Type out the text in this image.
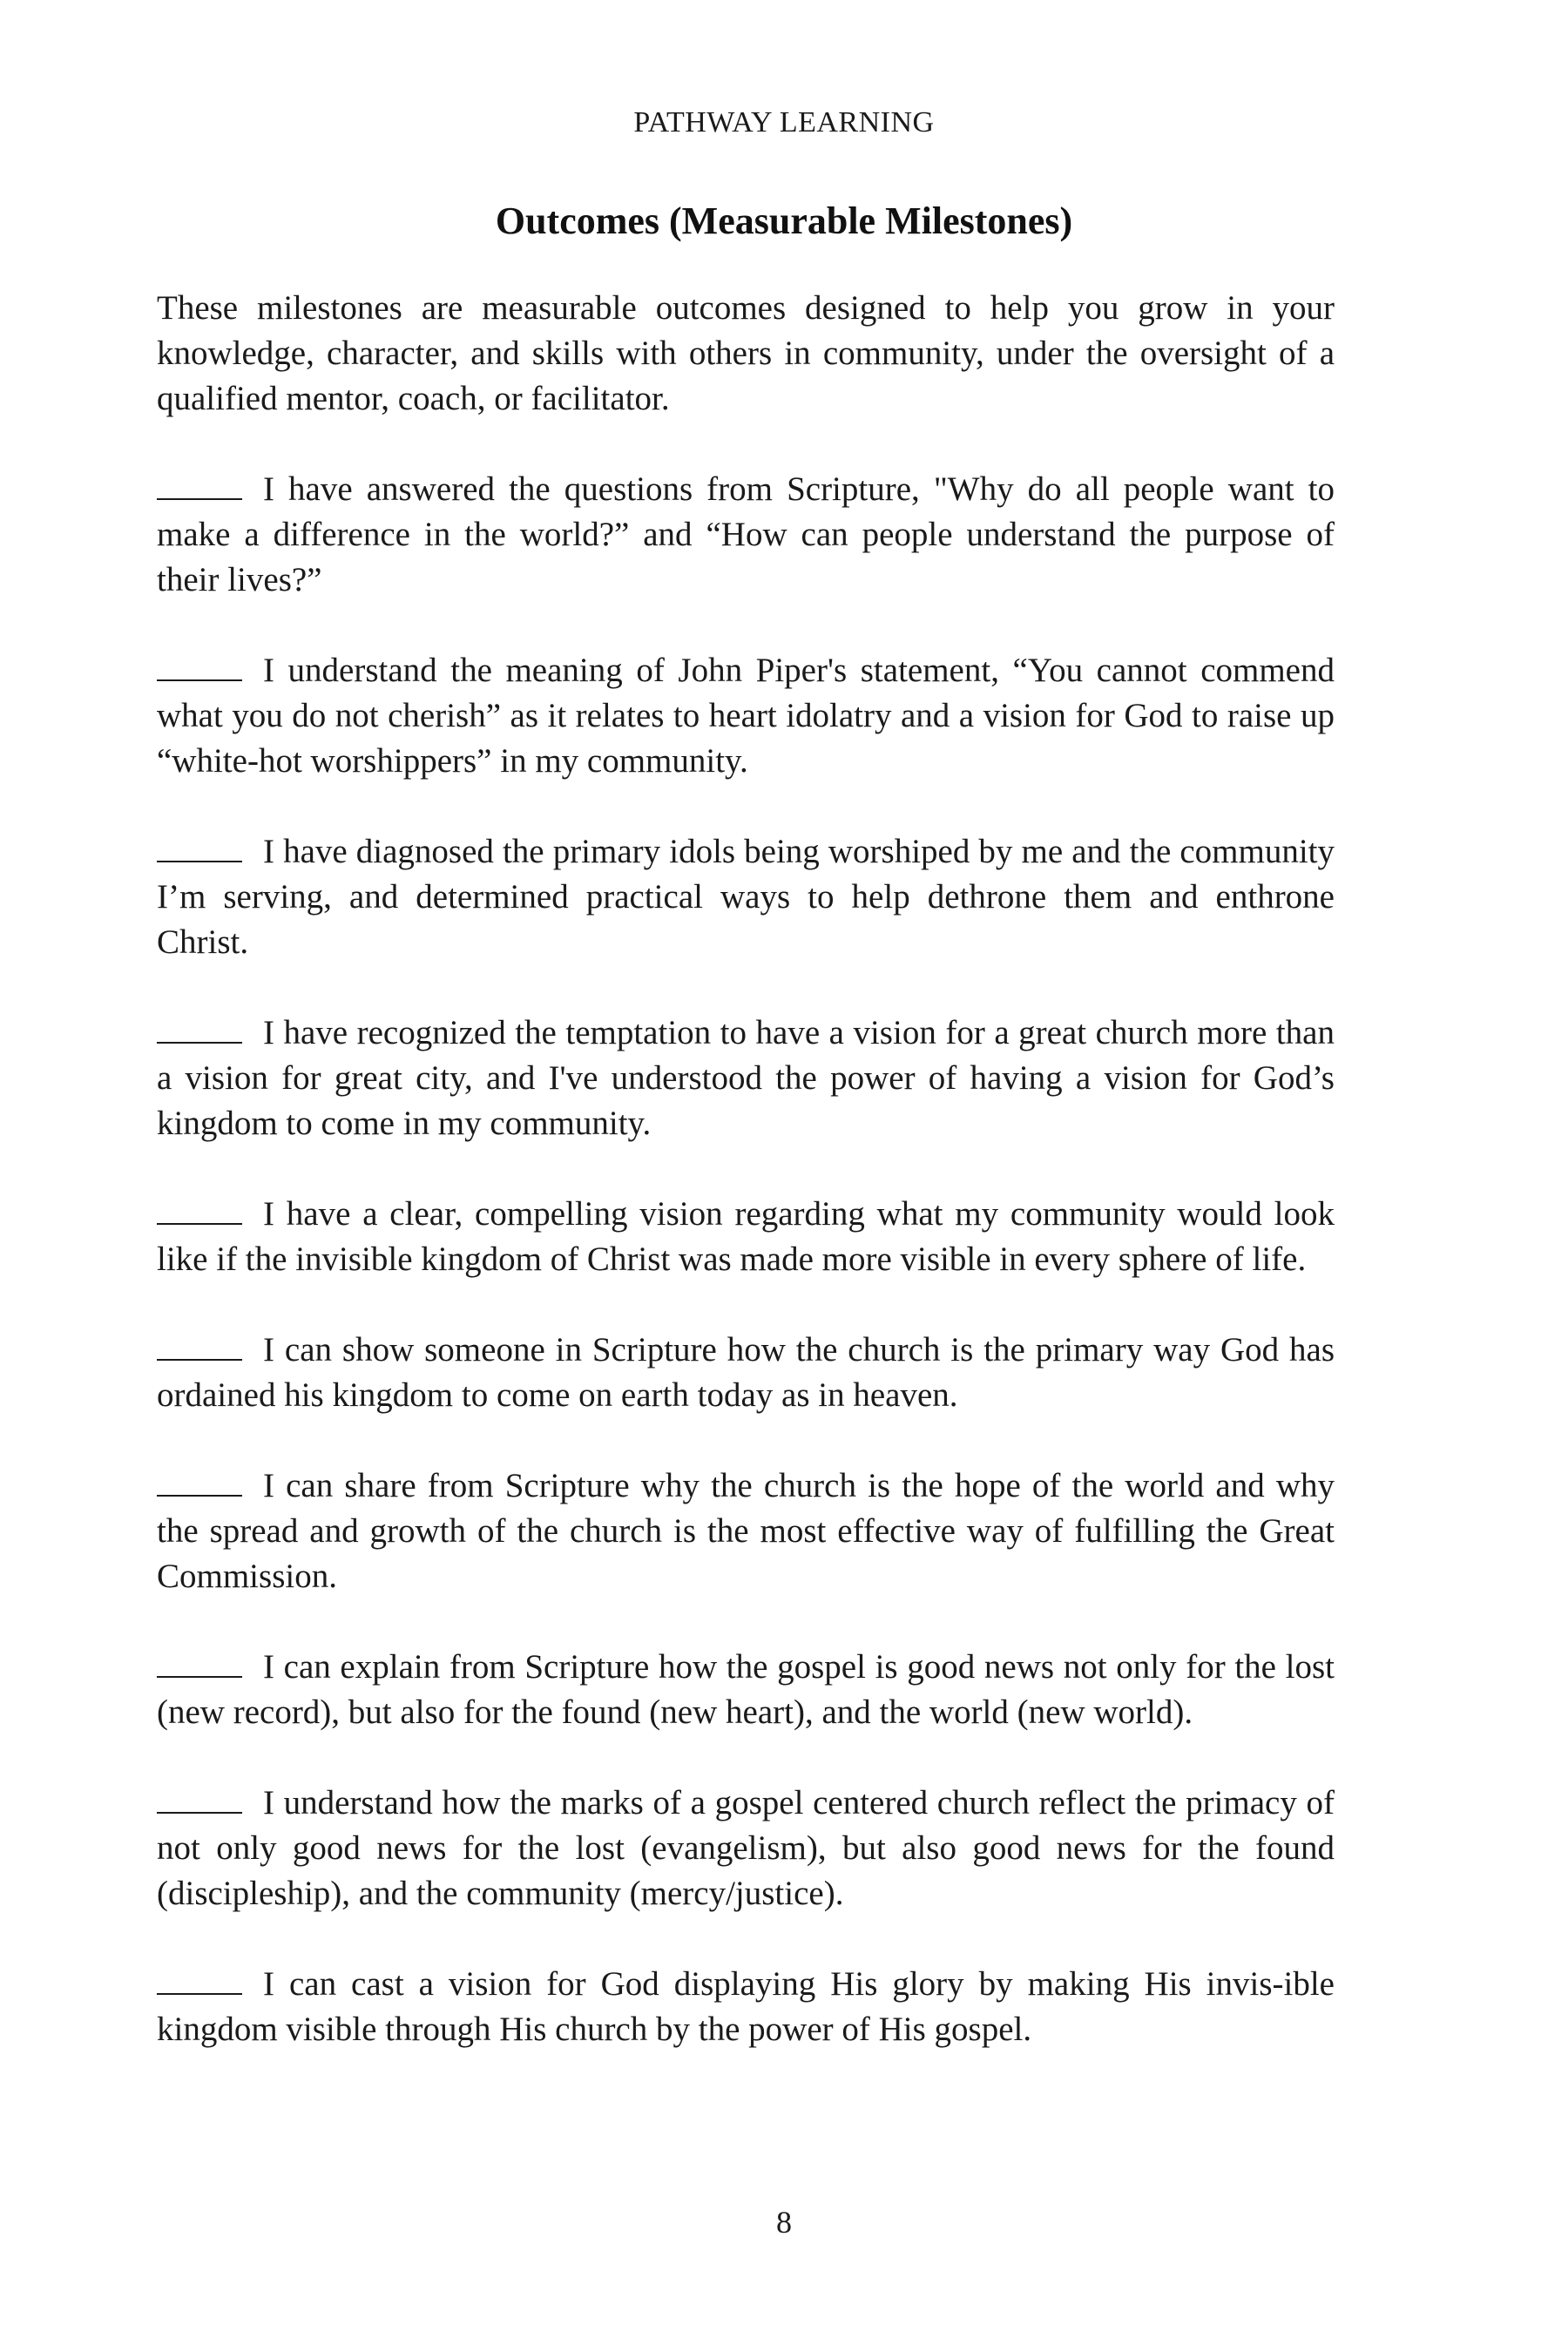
PATHWAY LEARNING
Outcomes (Measurable Milestones)

These milestones are measurable outcomes designed to help you grow in your knowledge, character, and skills with others in community, under the oversight of a qualified mentor, coach, or facilitator.

I have answered the questions from Scripture, "Why do all people want to make a difference in the world?” and “How can people understand the purpose of their lives?”

I understand the meaning of John Piper's statement, “You cannot commend what you do not cherish” as it relates to heart idolatry and a vision for God to raise up “white-hot worshippers” in my community.

I have diagnosed the primary idols being worshiped by me and the community I’m serving, and determined practical ways to help dethrone them and enthrone Christ.

I have recognized the temptation to have a vision for a great church more than a vision for great city, and I've understood the power of having a vision for God’s kingdom to come in my community.

I have a clear, compelling vision regarding what my community would look like if the invisible kingdom of Christ was made more visible in every sphere of life.

I can show someone in Scripture how the church is the primary way God has ordained his kingdom to come on earth today as in heaven.

I can share from Scripture why the church is the hope of the world and why the spread and growth of the church is the most effective way of fulfilling the Great Commission.

I can explain from Scripture how the gospel is good news not only for the lost (new record), but also for the found (new heart), and the world (new world).

I understand how the marks of a gospel centered church reflect the primacy of not only good news for the lost (evangelism), but also good news for the found (discipleship), and the community (mercy/justice).

I can cast a vision for God displaying His glory by making His invis-ible kingdom visible through His church by the power of His gospel.

8
